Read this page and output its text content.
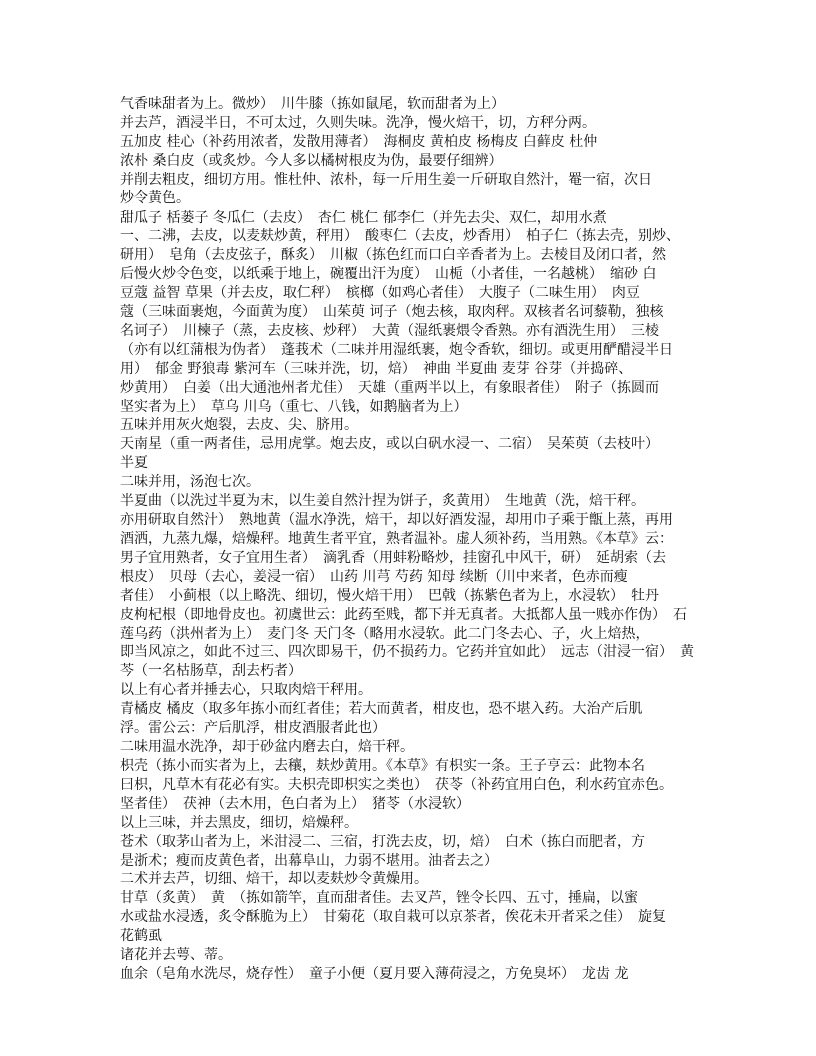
气香味甜者为上。微炒）　川牛膝（拣如鼠尾，软而甜者为上）

并去芦，酒浸半日，不可太过，久则失味。洗净，慢火焙干，切，方秤分两。

五加皮 桂心（补药用浓者，发散用薄者）　海桐皮 黄柏皮 杨梅皮 白藓皮 杜仲

浓朴 桑白皮（或炙炒。今人多以橘树根皮为伪，最要仔细辨）

并削去粗皮，细切方用。惟杜仲、浓朴，每一斤用生姜一斤研取自然汁，罨一宿，次日

炒令黄色。

甜瓜子 栝蒌子 冬瓜仁（去皮）　杏仁 桃仁 郁李仁（并先去尖、双仁，却用水煮

一、二沸，去皮，以麦麸炒黄，秤用）　酸枣仁（去皮，炒香用）　柏子仁（拣去壳，别炒、

研用）　皂角（去皮弦子，酥炙）　川椒（拣色红而口白辛香者为上。去棱目及闭口者，然

后慢火炒令色变，以纸乘于地上，碗覆出汗为度）　山栀（小者佳，一名越桃）　缩砂 白

豆蔻 益智 草果（并去皮，取仁秤）　槟榔（如鸡心者佳）　大腹子（二味生用）　肉豆

蔻（三味面裹炮，今面黄为度）　山茱萸 诃子（炮去核，取肉秤。双核者名诃藜勒，独核

名诃子）　川楝子（蒸，去皮核、炒秤）　大黄（湿纸裹煨令香熟。亦有酒洗生用）　三棱

（亦有以红蒲根为伪者）　蓬莪术（二味并用湿纸裹，炮令香软，细切。或更用酽醋浸半日

用）　郁金 野狼毒 紫河车（三味并洗，切，焙）　神曲 半夏曲 麦芽 谷芽（并捣碎、

炒黄用）　白姜（出大通池州者尤佳）　天雄（重两半以上，有象眼者佳）　附子（拣圆而

坚实者为上）　草乌 川乌（重七、八钱，如鹅脑者为上）

五味并用灰火炮裂，去皮、尖、脐用。

天南星（重一两者佳，忌用虎掌。炮去皮，或以白矾水浸一、二宿）　吴茱萸（去枝叶）

半夏

二味并用，汤泡七次。

半夏曲（以洗过半夏为末，以生姜自然汁捏为饼子，炙黄用）　生地黄（洗，焙干秤。

亦用研取自然汁）　熟地黄（温水净洗，焙干，却以好酒发湿，却用巾子乘于甑上蒸，再用

酒洒，九蒸九爆，焙燥秤。地黄生者平宜，熟者温补。虚人须补药，当用熟。《本草》云：

男子宜用熟者，女子宜用生者）　滴乳香（用蚌粉略炒，挂窗孔中风干，研）　延胡索（去

根皮）　贝母（去心，姜浸一宿）　山药 川芎 芍药 知母 续断（川中来者，色赤而瘦

者佳）　小蓟根（以上略洗、细切，慢火焙干用）　巴戟（拣紫色者为上，水浸软）　牡丹

皮枸杞根（即地骨皮也。初虞世云：此药至贱，都下并无真者。大抵都人虽一贱亦作伪）　石

莲乌药（洪州者为上）　麦门冬 天门冬（略用水浸软。此二门冬去心、子，火上焙热，

即当风凉之，如此不过三、四次即易干，仍不损药力。它药并宜如此）　远志（泔浸一宿）　黄

芩（一名枯肠草，刮去朽者）

以上有心者并捶去心，只取肉焙干秤用。

青橘皮 橘皮（取多年拣小而红者佳；若大而黄者，柑皮也，恐不堪入药。大治产后肌

浮。雷公云：产后肌浮，柑皮酒服者此也）

二味用温水洗净，却于砂盆内磨去白，焙干秤。

枳壳（拣小而实者为上，去穰，麸炒黄用。《本草》有枳实一条。王子亨云：此物本名

曰枳，凡草木有花必有实。夫枳壳即枳实之类也）　茯苓（补药宜用白色，利水药宜赤色。

坚者佳）　茯神（去木用，色白者为上）　猪苓（水浸软）

以上三味，并去黑皮，细切，焙燥秤。

苍术（取茅山者为上，米泔浸二、三宿，打洗去皮，切，焙）　白术（拣白而肥者，方

是浙术；瘦而皮黄色者，出幕阜山，力弱不堪用。油者去之）

二术并去芦，切细、焙干，却以麦麸炒令黄燥用。

甘草（炙黄）　黄　（拣如箭竿，直而甜者佳。去叉芦，锉令长四、五寸，捶扁，以蜜

水或盐水浸透，炙令酥脆为上）　甘菊花（取自栽可以京茶者，俟花未开者采之佳）　旋复

花鹤虱

诸花并去萼、蒂。

血余（皂角水洗尽，烧存性）　童子小便（夏月要入薄荷浸之，方免臭坏）　龙齿 龙
